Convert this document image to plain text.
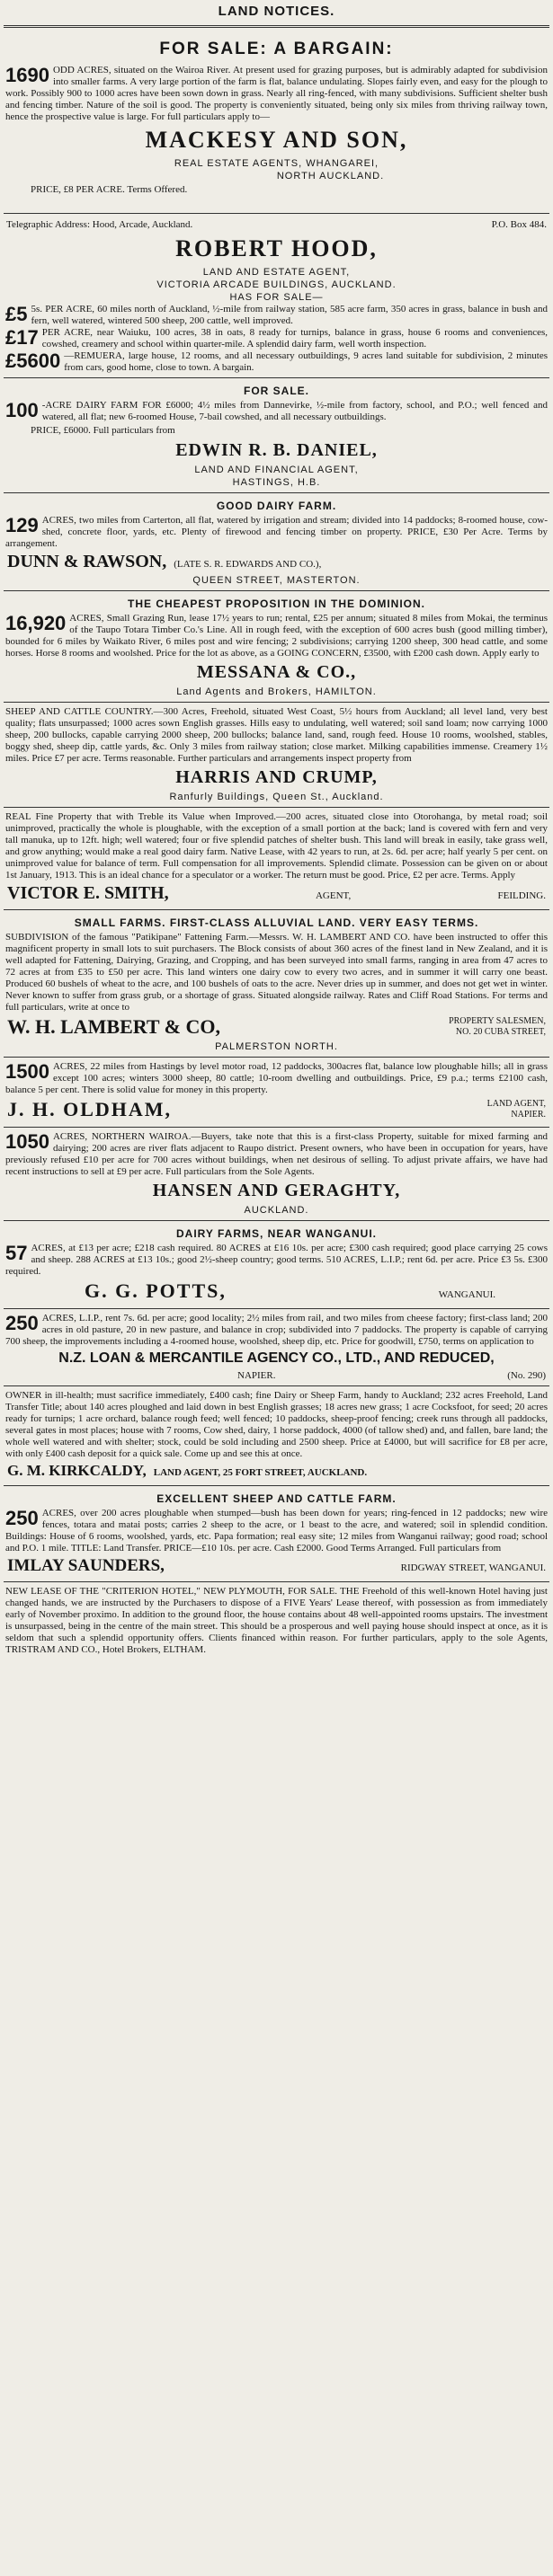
LAND NOTICES.
FOR SALE: A BARGAIN:
1690 ODD ACRES, situated on the Wairoa River. At present used for grazing purposes, but is admirably adapted for subdivision into smaller farms. A very large portion of the farm is flat, balance undulating. Slopes fairly even, and easy for the plough to work. Possibly 900 to 1000 acres have been sown down in grass. Nearly all ring-fenced, with many subdivisions. Sufficient shelter bush and fencing timber. Nature of the soil is good. The property is conveniently situated, being only six miles from thriving railway town, hence the prospective value is large. For full particulars apply to—
MACKESY AND SON,
REAL ESTATE AGENTS, WHANGAREI,
NORTH AUCKLAND.
PRICE, £8 PER ACRE. Terms Offered.
Telegraphic Address: Hood, Arcade, Auckland.	P.O. Box 484.
ROBERT HOOD,
LAND AND ESTATE AGENT,
VICTORIA ARCADE BUILDINGS, AUCKLAND.
HAS FOR SALE—
£5 5s. PER ACRE, 60 miles north of Auckland, ½-mile from railway station, 585 acre farm, 350 acres in grass, balance in bush and fern, well watered, wintered 500 sheep, 200 cattle, well improved.
£17 PER ACRE, near Waiuku, 100 acres, 38 in oats, 8 ready for turnips, balance in grass, house 6 rooms and conveniences, cowshed, creamery and school within quarter-mile. A splendid dairy farm, well worth inspection.
£5600 —REMUERA, large house, 12 rooms, and all necessary outbuildings, 9 acres land suitable for subdivision, 2 minutes from cars, good home, close to town. A bargain.
FOR SALE.
100 -ACRE DAIRY FARM FOR £6000; 4½ miles from Dannevirke, ½-mile from factory, school, and P.O.; well fenced and watered, all flat; new 6-roomed House, 7-bail cowshed, and all necessary outbuildings.
PRICE, £6000. Full particulars from
EDWIN R. B. DANIEL,
LAND AND FINANCIAL AGENT,
HASTINGS, H.B.
GOOD DAIRY FARM.
129 ACRES, two miles from Carterton, all flat, watered by irrigation and stream; divided into 14 paddocks; 8-roomed house, cow-shed, concrete floor, yards, etc. Plenty of firewood and fencing timber on property. PRICE, £30 Per Acre. Terms by arrangement.
DUNN & RAWSON, (LATE S. R. EDWARDS AND CO.),
QUEEN STREET, MASTERTON.
THE CHEAPEST PROPOSITION IN THE DOMINION.
16,920 ACRES, Small Grazing Run, lease 17½ years to run; rental, £25 per annum; situated 8 miles from Mokai, the terminus of the Taupo Totara Timber Co.'s Line. All in rough feed, with the exception of 600 acres bush (good milling timber), bounded for 6 miles by Waikato River, 6 miles post and wire fencing; 2 subdivisions; carrying 1200 sheep, 300 head cattle, and some horses. Horse 8 rooms and woolshed. Price for the lot as above, as a GOING CONCERN, £3500, with £200 cash down. Apply early to
MESSANA & CO.,
Land Agents and Brokers, HAMILTON.
SHEEP AND CATTLE COUNTRY.—300 Acres, Freehold, situated West Coast, 5½ hours from Auckland; all level land, very best quality; flats unsurpassed; 1000 acres sown English grasses. Hills easy to undulating, well watered; soil sand loam; now carrying 1000 sheep, 200 bullocks, capable carrying 2000 sheep, 200 bullocks; balance land, sand, rough feed. House 10 rooms, woolshed, stables, boggy shed, sheep dip, cattle yards, &c. Only 3 miles from railway station; close market. Milking capabilities immense. Creamery 1½ miles. Price £7 per acre. Terms reasonable. Further particulars and arrangements inspect property from
HARRIS AND CRUMP,
Ranfurly Buildings, Queen St., Auckland.
REAL Fine Property that with Treble its Value when Improved.—200 acres, situated close into Otorohanga, by metal road; soil unimproved, practically the whole is ploughable, with the exception of a small portion at the back; land is covered with fern and very tall manuka, up to 12ft. high; well watered; four or five splendid patches of shelter bush. This land will break in easily, take grass well, and grow anything; would make a real good dairy farm. Native Lease, with 42 years to run, at 2s. 6d. per acre; half yearly 5 per cent. on unimproved value for balance of term. Full compensation for all improvements. Splendid climate. Possession can be given on or about 1st January, 1913. This is an ideal chance for a speculator or a worker. The return must be good. Price, £2 per acre. Terms. Apply
VICTOR E. SMITH,	AGENT,	FEILDING.
SMALL FARMS. FIRST-CLASS ALLUVIAL LAND. VERY EASY TERMS.
SUBDIVISION of the famous "Patikipane" Fattening Farm.—Messrs. W. H. LAMBERT AND CO. have been instructed to offer this magnificent property in small lots to suit purchasers. The Block consists of about 360 acres of the finest land in New Zealand, and it is well adapted for Fattening, Dairying, Grazing, and Cropping, and has been surveyed into small farms, ranging in area from 47 acres to 72 acres at from £35 to £50 per acre. This land winters one dairy cow to every two acres, and in summer it will carry one beast. Produced 60 bushels of wheat to the acre, and 100 bushels of oats to the acre. Never dries up in summer, and does not get wet in winter. Never known to suffer from grass grub, or a shortage of grass. Situated alongside railway. Rates and Cliff Road Stations. For terms and full particulars, write at once to
W. H. LAMBERT & CO,	PROPERTY SALESMEN,
NO. 20 CUBA STREET,
PALMERSTON NORTH.
1500 ACRES, 22 miles from Hastings by level motor road, 12 paddocks, 300acres flat, balance low ploughable hills; all in grass except 100 acres; winters 3000 sheep, 80 cattle; 10-room dwelling and outbuildings. Price, £9 p.a.; terms £2100 cash, balance 5 per cent. There is solid value for money in this property.
J. H. OLDHAM,	LAND AGENT,
NAPIER.
1050 ACRES, NORTHERN WAIROA.—Buyers, take note that this is a first-class Property, suitable for mixed farming and dairying; 200 acres are river flats adjacent to Raupo district. Present owners, who have been in occupation for years, have previously refused £10 per acre for 700 acres without buildings, when net desirous of selling. To adjust private affairs, we have had recent instructions to sell at £9 per acre. Full particulars from the Sole Agents.
HANSEN AND GERAGHTY,
AUCKLAND.
DAIRY FARMS, NEAR WANGANUI.
57 ACRES, at £13 per acre; £218 cash required. 80 ACRES at £16 10s. per acre; £300 cash required; good place carrying 25 cows and sheep. 288 ACRES at £13 10s.; good 2½-sheep country; good terms. 510 ACRES, L.I.P.; rent 6d. per acre. Price £3 5s. £300 required.
G. G. POTTS,	WANGANUI.
250 ACRES, L.I.P., rent 7s. 6d. per acre; good locality; 2½ miles from rail, and two miles from cheese factory; first-class land; 200 acres in old pasture, 20 in new pasture, and balance in crop; subdivided into 7 paddocks. The property is capable of carrying 700 sheep, the improvements including a 4-roomed house, woolshed, sheep dip, etc. Price for goodwill, £750, terms on application to
N.Z. LOAN & MERCANTILE AGENCY CO., LTD., AND REDUCED,
NAPIER.	(No. 290)
OWNER in ill-health; must sacrifice immediately, £400 cash; fine Dairy or Sheep Farm, handy to Auckland; 232 acres Freehold, Land Transfer Title; about 140 acres ploughed and laid down in best English grasses; 18 acres new grass; 1 acre Cocksfoot, for seed; 20 acres ready for turnips; 1 acre orchard, balance rough feed; well fenced; 10 paddocks, sheep-proof fencing; creek runs through all paddocks, several gates in most places; house with 7 rooms, Cow shed, dairy, 1 horse paddock, 4000 (of tallow shed) and, and fallen, bare land; the whole well watered and with shelter; stock, could be sold including and 2500 sheep. Price at £4000, but will sacrifice for £8 per acre, with only £400 cash deposit for a quick sale. Come up and see this at once.
G. M. KIRKCALDY, LAND AGENT, 25 FORT STREET, AUCKLAND.
EXCELLENT SHEEP AND CATTLE FARM.
250 ACRES, over 200 acres ploughable when stumped—bush has been down for years; ring-fenced in 12 paddocks; new wire fences, totara and matai posts; carries 2 sheep to the acre, or 1 beast to the acre, and watered; soil in splendid condition. Buildings: House of 6 rooms, woolshed, yards, etc. Papa formation; real easy site; 12 miles from Wanganui railway; good road; school and P.O. 1 mile. TITLE: Land Transfer. PRICE—£10 10s. per acre. Cash £2000. Good Terms Arranged. Full particulars from
IMLAY SAUNDERS,	RIDGWAY STREET, WANGANUI.
NEW LEASE OF THE "CRITERION HOTEL," NEW PLYMOUTH, FOR SALE. THE Freehold of this well-known Hotel having just changed hands, we are instructed by the Purchasers to dispose of a FIVE Years' Lease thereof, with possession as from immediately early of November proximo. In addition to the ground floor, the house contains about 48 well-appointed rooms upstairs. The investment is unsurpassed, being in the centre of the main street. This should be a prosperous and well paying house should inspect at once, as it is seldom that such a splendid opportunity offers. Clients financed within reason. For further particulars, apply to the sole Agents, TRISTRAM AND CO., Hotel Brokers, ELTHAM.
